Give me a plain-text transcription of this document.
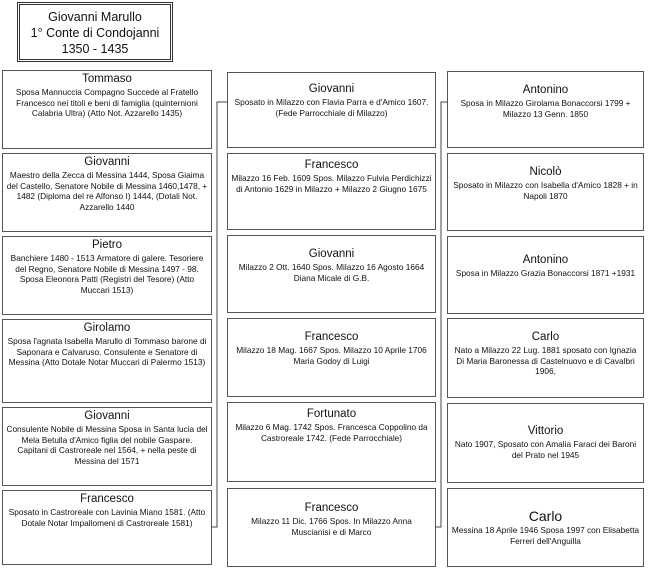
Giovanni Marullo
1° Conte di Condojanni
1350 - 1435
Tommaso
Sposa Mannuccia Compagno Succede al Fratello Francesco nei titoli e beni di famiglia (quinternioni Calabria Ultra) (Atto Not. Azzarello 1435)
Giovanni
Maestro della Zecca di Messina 1444, Sposa Giaima del Castello, Senatore Nobile di Messina 1460,1478, + 1482 (Diploma del re Alfonso I) 1444, (Dotali Not. Azzarello 1440
Pietro
Banchiere 1480 - 1513 Armatore di galere. Tesoriere del Regno, Senatore Nobile di Messina 1497 - 98. Sposa Eleonora Patti (Registri del Tesore) (Atto Muccari 1513)
Girolamo
Sposa l'agnata Isabella Marullo di Tommaso barone di Saponara e Calvaruso. Consulente e Senatore di Messina (Atto Dotale Notar Muccari di Palermo 1513)
Giovanni
Consulente Nobile di Messina Sposa in Santa lucia del Mela Betulla d'Amico figlia del nobile Gaspare. Capitani di Castroreale nel 1564, + nella peste di Messina del 1571
Francesco
Sposato in Castroreale con Lavinia Miano 1581. (Atto Dotale Notar Impallomeni di Castroreale 1581)
Giovanni
Sposato in Milazzo con Flavia Parra e d'Amico 1607. (Fede Parrocchiale di Milazzo)
Francesco
Milazzo 16 Feb. 1609 Spos. Milazzo Fulvia Perdichizzi di Antonio 1629 in Milazzo + Milazzo 2 Giugno 1675
Giovanni
Milazzo 2 Ott. 1640 Spos. Milazzo 16 Agosto 1664 Diana Micale di G.B.
Francesco
Milazzo 18 Mag. 1667 Spos. Milazzo 10 Aprile 1706 Maria Godoy di Luigi
Fortunato
Milazzo 6 Mag. 1742 Spos. Francesca Coppolino da Castroreale 1742. (Fede Parrocchiale)
Francesco
Milazzo 11 Dic. 1766 Spos. In Milazzo Anna Muscianisi e di Marco
Antonino
Sposa in Milazzo Girolama Bonaccorsi 1799 + Milazzo 13 Genn. 1850
Nicolò
Sposato in Milazzo con Isabella d'Amico 1828 + in Napoli 1870
Antonino
Sposa in Milazzo Grazia Bonaccorsi 1871 +1931
Carlo
Nato a Milazzo 22 Lug. 1881 sposato con Ignazia Di Maria Baronessa di Castelnuovo e di Cavalbri 1906,
Vittorio
Nato 1907, Sposato con Amalia Faraci dei Baroni del Prato nel 1945
Carlo
Messina 18 Aprile 1946 Sposa 1997 con Elisabetta Ferreri dell'Anguilla
